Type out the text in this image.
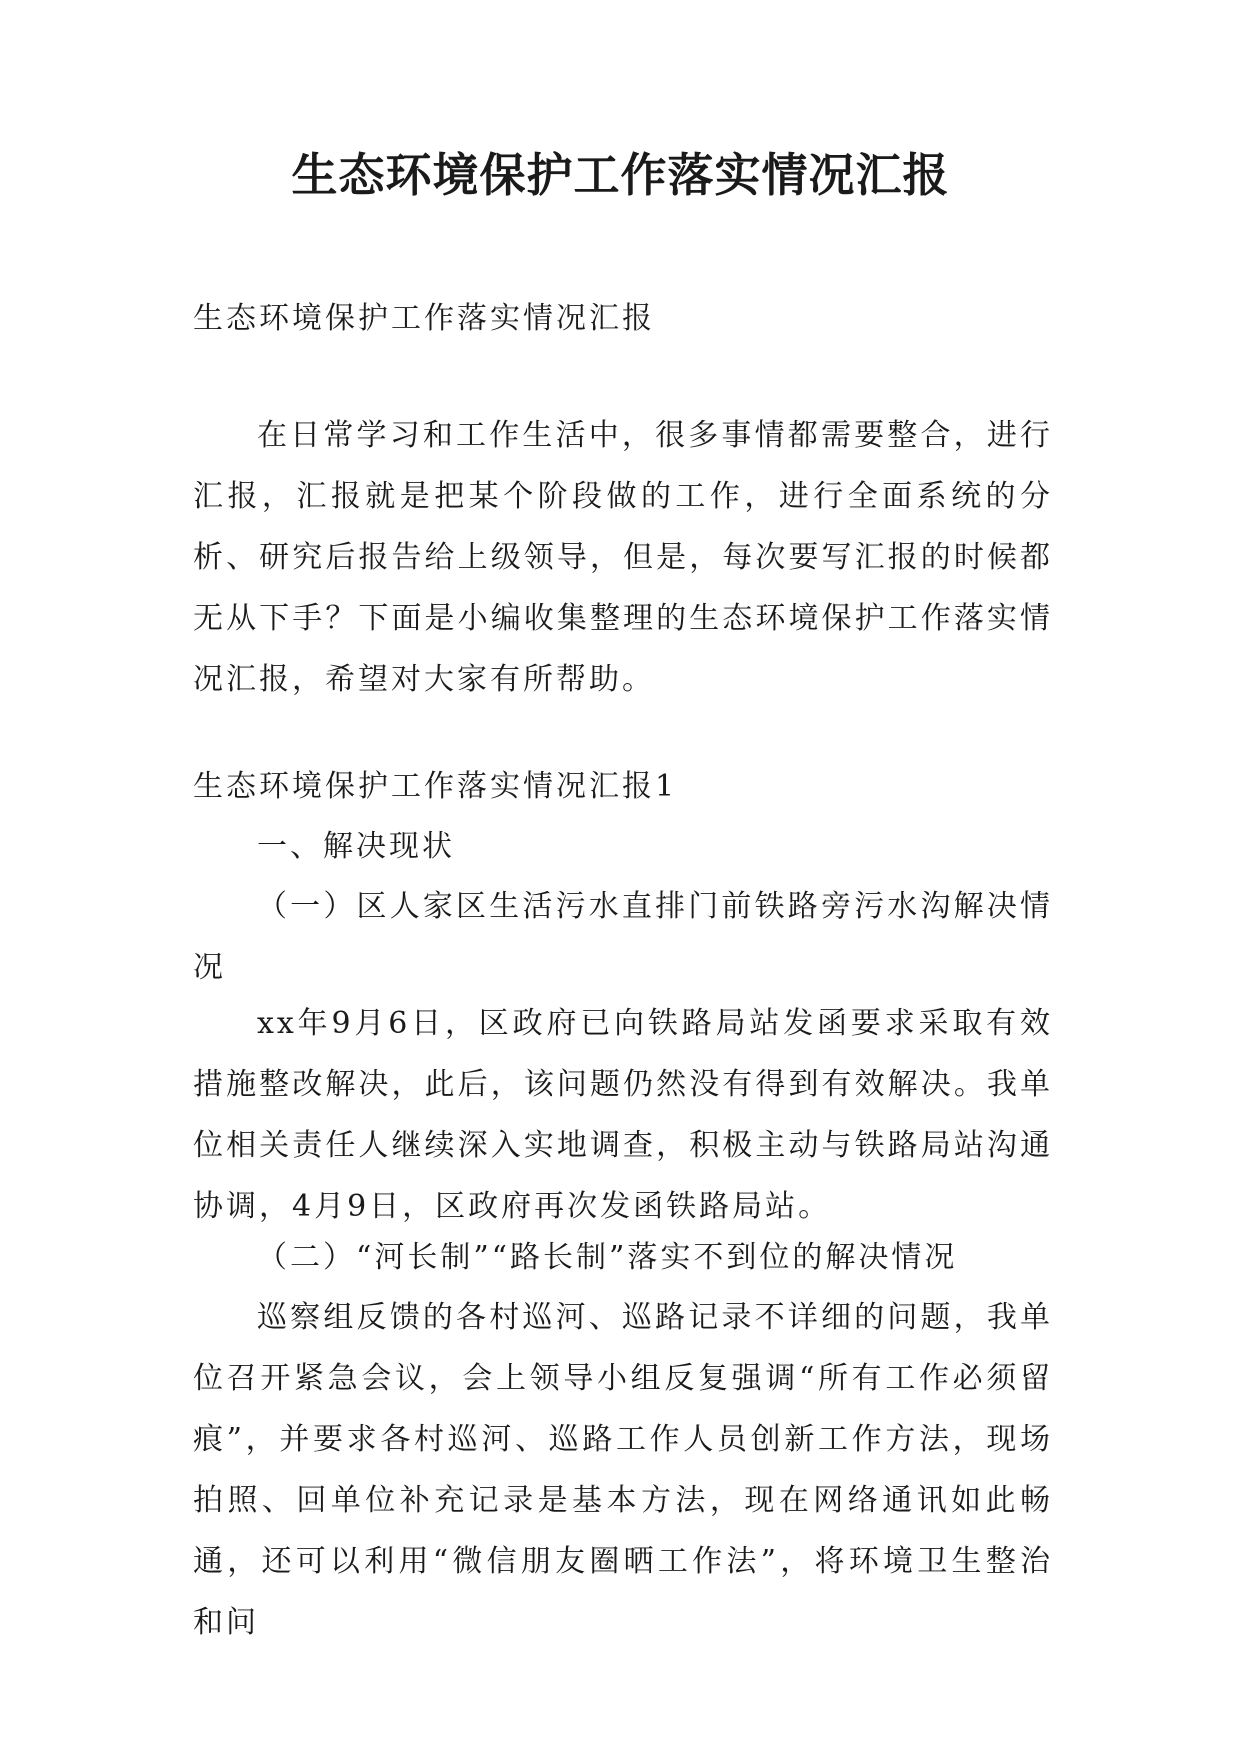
生态环境保护工作落实情况汇报

生态环境保护工作落实情况汇报

在日常学习和工作生活中，很多事情都需要整合，进行汇报，汇报就是把某个阶段做的工作，进行全面系统的分析、研究后报告给上级领导，但是，每次要写汇报的时候都无从下手？下面是小编收集整理的生态环境保护工作落实情况汇报，希望对大家有所帮助。

生态环境保护工作落实情况汇报1

一、解决现状

（一）区人家区生活污水直排门前铁路旁污水沟解决情况

xx年9月6日，区政府已向铁路局站发函要求采取有效措施整改解决，此后，该问题仍然没有得到有效解决。我单位相关责任人继续深入实地调查，积极主动与铁路局站沟通协调，4月9日，区政府再次发函铁路局站。

（二）“河长制”“路长制”落实不到位的解决情况

巡察组反馈的各村巡河、巡路记录不详细的问题，我单位召开紧急会议，会上领导小组反复强调“所有工作必须留痕”，并要求各村巡河、巡路工作人员创新工作方法，现场拍照、回单位补充记录是基本方法，现在网络通讯如此畅通，还可以利用“微信朋友圈晒工作法”，将环境卫生整治和问
